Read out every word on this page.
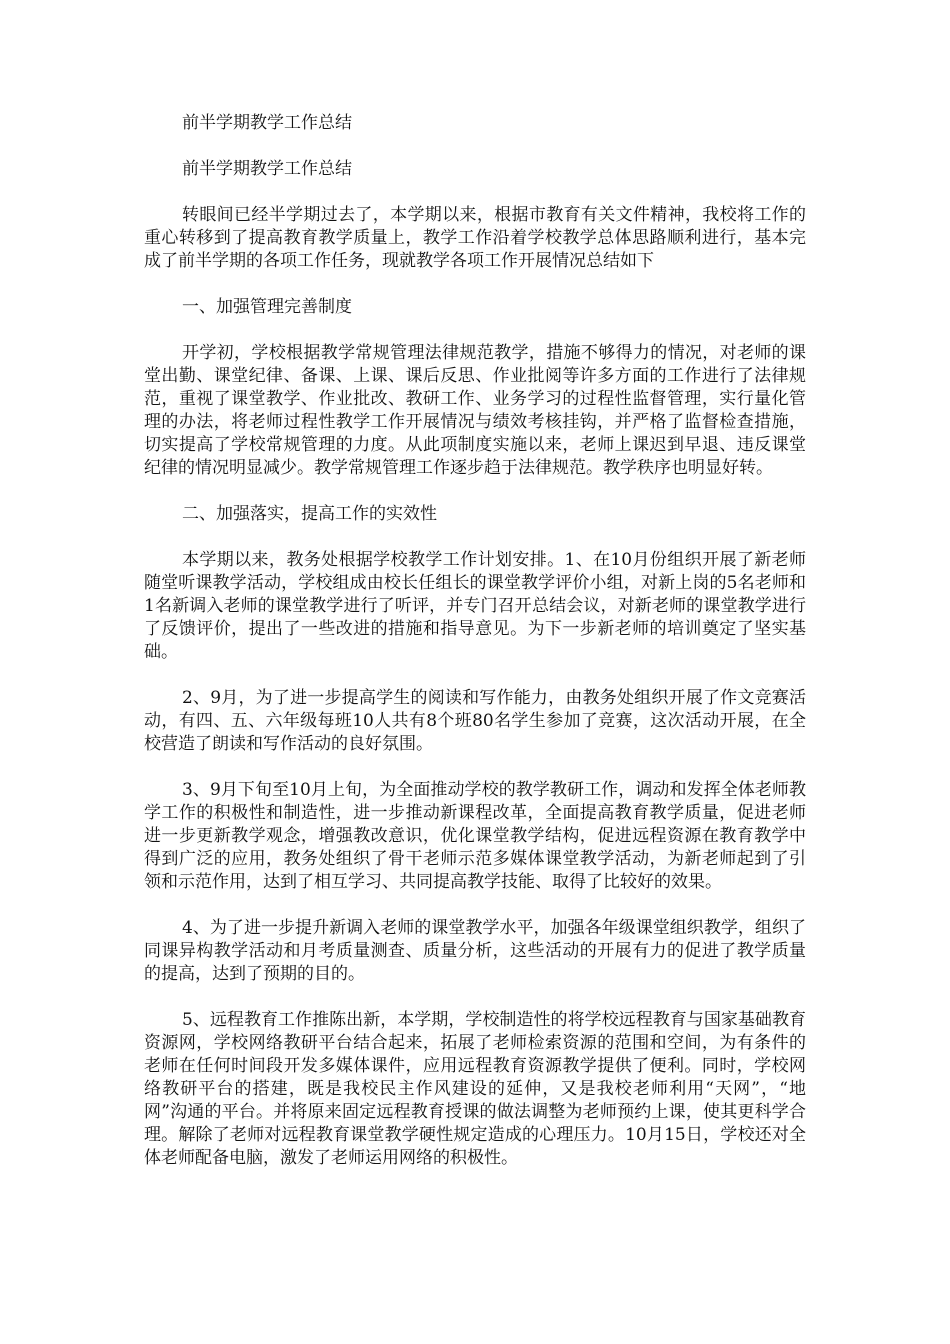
前半学期教学工作总结

前半学期教学工作总结

转眼间已经半学期过去了，本学期以来，根据市教育有关文件精神，我校将工作的重心转移到了提高教育教学质量上，教学工作沿着学校教学总体思路顺利进行，基本完成了前半学期的各项工作任务，现就教学各项工作开展情况总结如下

一、加强管理完善制度

开学初，学校根据教学常规管理法律规范教学，措施不够得力的情况，对老师的课堂出勤、课堂纪律、备课、上课、课后反思、作业批阅等许多方面的工作进行了法律规范，重视了课堂教学、作业批改、教研工作、业务学习的过程性监督管理，实行量化管理的办法，将老师过程性教学工作开展情况与绩效考核挂钩，并严格了监督检查措施，切实提高了学校常规管理的力度。从此项制度实施以来，老师上课迟到早退、违反课堂纪律的情况明显减少。教学常规管理工作逐步趋于法律规范。教学秩序也明显好转。

二、加强落实，提高工作的实效性

本学期以来，教务处根据学校教学工作计划安排。1、在10月份组织开展了新老师随堂听课教学活动，学校组成由校长任组长的课堂教学评价小组，对新上岗的5名老师和1名新调入老师的课堂教学进行了听评，并专门召开总结会议，对新老师的课堂教学进行了反馈评价，提出了一些改进的措施和指导意见。为下一步新老师的培训奠定了坚实基础。

2、9月，为了进一步提高学生的阅读和写作能力，由教务处组织开展了作文竞赛活动，有四、五、六年级每班10人共有8个班80名学生参加了竞赛，这次活动开展，在全校营造了朗读和写作活动的良好氛围。

3、9月下旬至10月上旬，为全面推动学校的教学教研工作，调动和发挥全体老师教学工作的积极性和制造性，进一步推动新课程改革，全面提高教育教学质量，促进老师进一步更新教学观念，增强教改意识，优化课堂教学结构，促进远程资源在教育教学中得到广泛的应用，教务处组织了骨干老师示范多媒体课堂教学活动，为新老师起到了引领和示范作用，达到了相互学习、共同提高教学技能、取得了比较好的效果。

4、为了进一步提升新调入老师的课堂教学水平，加强各年级课堂组织教学，组织了同课异构教学活动和月考质量测查、质量分析，这些活动的开展有力的促进了教学质量的提高，达到了预期的目的。

5、远程教育工作推陈出新，本学期，学校制造性的将学校远程教育与国家基础教育资源网，学校网络教研平台结合起来，拓展了老师检索资源的范围和空间，为有条件的老师在任何时间段开发多媒体课件，应用远程教育资源教学提供了便利。同时，学校网络教研平台的搭建，既是我校民主作风建设的延伸，又是我校老师利用“天网”，“地网”沟通的平台。并将原来固定远程教育授课的做法调整为老师预约上课，使其更科学合理。解除了老师对远程教育课堂教学硬性规定造成的心理压力。10月15日，学校还对全体老师配备电脑，激发了老师运用网络的积极性。
